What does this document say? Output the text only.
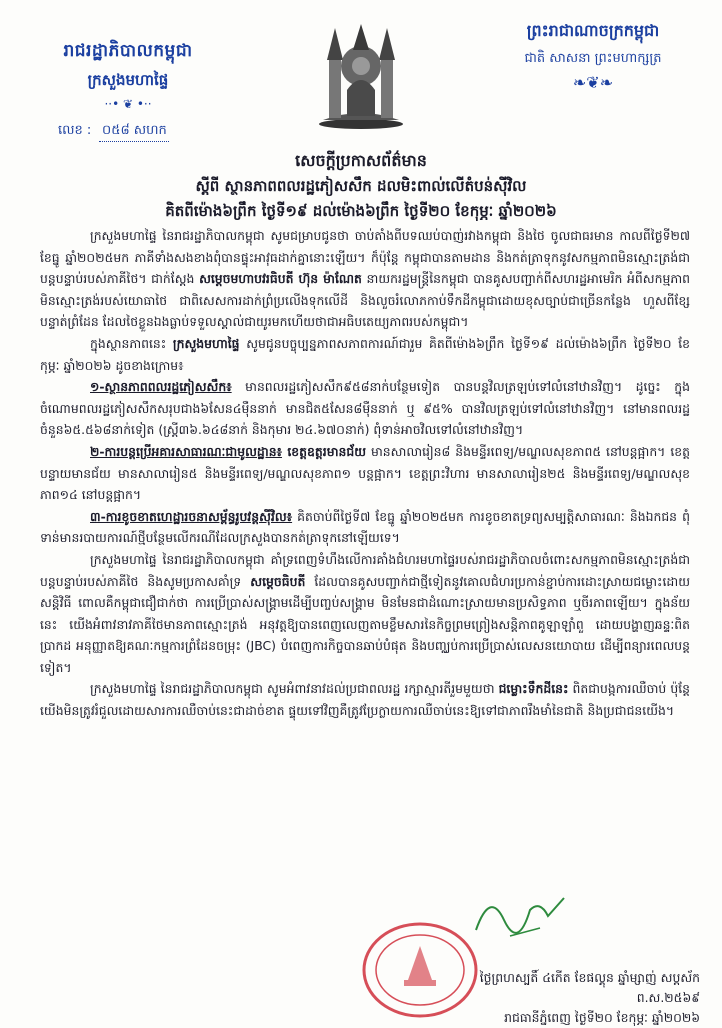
រាជរដ្ឋាភិបាលកម្ពុជា
ក្រសួងមហាផ្ទៃ
··• ❦ •··
លេខ : ០៥៨ សហក
ព្រះរាជាណាចក្រកម្ពុជា
ជាតិ សាសនា ព្រះមហាក្សត្រ
❧❦❧
សេចក្តីប្រកាសព័ត៌មាន
ស្តីពី ស្ថានភាពពលរដ្ឋភៀសសឹក ដលមិះពាល់លើតំបន់ស៊ីវិល
គិតពីម៉ោង៦ព្រឹក ថ្ងៃទី១៩ ដល់ម៉ោង៦ព្រឹក ថ្ងៃទី២០ ខែកុម្ភៈ ឆ្នាំ២០២៦

ក្រសួងមហាផ្ទៃ នៃរាជរដ្ឋាភិបាលកម្ពុជា សូមជម្រាបជូនថា ចាប់តាំងពីបទឈប់បាញ់រវាងកម្ពុជា និងថៃ ចូលជាធរមាន កាលពីថ្ងៃទី២៧ ខែធ្នូ ឆ្នាំ២០២៥មក ភាគីទាំងសងខាងពុំបានផ្ទុះអាវុធដាក់គ្នានោះឡើយ។ ក៏ប៉ុន្តែ កម្ពុជាបានតាមដាន និងកត់ត្រាទុកនូវសកម្មភាពមិនស្មោះត្រង់ជាបន្តបន្ទាប់របស់ភាគីថៃ។ ជាក់ស្តែង សម្តេចមហាបវរធិបតី ហ៊ុន ម៉ាណែត នាយករដ្ឋមន្ត្រីនៃកម្ពុជា បានគូសបញ្ជាក់ពីសហរដ្ឋអាមេរិក អំពីសកម្មភាពមិនស្មោះត្រង់របស់យោធាថៃ ជាពិសេសការដាក់ព្រំប្រលើងទុកលើដី និងលួចរំលោភកាប់ទឹកដីកម្ពុជាដោយខុសច្បាប់ជាច្រើនកន្លែង ហួសពីខ្សែបន្ទាត់ព្រំដែន ដែលថៃខ្លួនឯងធ្លាប់ទទួលស្គាល់ជាយូរមកហើយថាជាអធិបតេយ្យភាពរបស់កម្ពុជា។

ក្នុងស្ថានភាពនេះ ក្រសួងមហាផ្ទៃ សូមជូនបច្ចុប្បន្នភាពសភាពការណ៍ជារួម គិតពីម៉ោង៦ព្រឹក ថ្ងៃទី១៩ ដល់ម៉ោង៦ព្រឹក ថ្ងៃទី២០ ខែកុម្ភៈ ឆ្នាំ២០២៦ ដូចខាងក្រោម៖

១-ស្ថានភាពពលរដ្ឋភៀសសឹក៖ មានពលរដ្ឋភៀសសឹក៩៥៨នាក់បន្ថែមទៀត បានបន្តវិលត្រឡប់ទៅលំនៅឋានវិញ។ ដូច្នេះ ក្នុងចំណោមពលរដ្ឋភៀសសឹកសរុបជាង៦សែន៤ម៉ឺននាក់ មានជិត៥សែន៨ម៉ឺននាក់ ឬ ៩៥% បានវិលត្រឡប់ទៅលំនៅឋានវិញ។ នៅមានពលរដ្ឋចំនួន៦៥.៥៦៨នាក់ទៀត (ស្ត្រី៣៦.៦៤៨នាក់ និងកុមារ ២៤.៦៧០នាក់) ពុំទាន់អាចវិលទៅលំនៅឋានវិញ។

២-ការបន្តប្រើអគារសាធារណៈជាមូលដ្ឋាន៖ ខេត្តឧត្តរមានជ័យ មានសាលារៀន៨ និងមន្ទីរពេទ្យ/មណ្ឌលសុខភាព៥ នៅបន្តផ្អាក។ ខេត្តបន្ទាយមានជ័យ មានសាលារៀន៥ និងមន្ទីរពេទ្យ/មណ្ឌលសុខភាព១ បន្តផ្អាក។ ខេត្តព្រះវិហារ មានសាលារៀន២៥ និងមន្ទីរពេទ្យ/មណ្ឌលសុខភាព១៤ នៅបន្តផ្អាក។

៣-ការខូចខាតហេដ្ឋារចនាសម្ព័ន្ធរូបវន្តស៊ីវិល៖ គិតចាប់ពីថ្ងៃទី៧ ខែធ្នូ ឆ្នាំ២០២៥មក ការខូចខាតទ្រព្យសម្បត្តិសាធារណៈ និងឯកជន ពុំទាន់មានរបាយការណ៍ថ្មីបន្ថែមលើករណីដែលក្រសួងបានកត់ត្រាទុកនៅឡើយទេ។

ក្រសួងមហាផ្ទៃ នៃរាជរដ្ឋាភិបាលកម្ពុជា គាំទ្រពេញទំហឹងលើការគាំងជំហរមហាផ្ទៃរបស់រាជរដ្ឋាភិបាលចំពោះសកម្មភាពមិនស្មោះត្រង់ជាបន្តបន្ទាប់របស់ភាគីថៃ និងសូមប្រកាសគាំទ្រ សម្តេចធិបតី ដែលបានគូសបញ្ជាក់ជាថ្មីទៀតនូវគោលជំហរប្រកាន់ខ្ជាប់ការដោះស្រាយជម្លោះដោយសន្តិវិធី ពោលគឺកម្ពុជាជឿជាក់ថា ការប្រើប្រាស់សង្គ្រាមដើម្បីបញ្ចប់សង្គ្រាម មិនមែនជាដំណោះស្រាយមានប្រសិទ្ធភាព ឬចីរភាពឡើយ។ ក្នុងន័យនេះ យើងអំពាវនាវភាគីថៃមានភាពស្មោះត្រង់ អនុវត្តឱ្យបានពេញលេញតាមខ្លឹមសារនៃកិច្ចព្រមព្រៀងសន្តិភាពគូឡាឡាំពួ ដោយបង្ហាញឆន្ទៈពិតប្រាកដ អនុញ្ញាតឱ្យគណៈកម្មការព្រំដែនចម្រុះ (JBC) បំពេញការកិច្ចបានឆាប់បំផុត និងបញ្ឈប់ការប្រើប្រាស់លេសនយោបាយ ដើម្បីពន្យារពេលបន្តទៀត។

ក្រសួងមហាផ្ទៃ នៃរាជរដ្ឋាភិបាលកម្ពុជា សូមអំពាវនាវដល់ប្រជាពលរដ្ឋ រក្សាស្មារតីរួមមួយថា ជម្លោះទឹកដីនេះ ពិតជាបង្កការឈឺចាប់ ប៉ុន្តែយើងមិនត្រូវរំជួលដោយសារការឈឺចាប់នេះជាដាច់ខាត ផ្ទុយទៅវិញគឺត្រូវប្រែក្លាយការឈឺចាប់នេះឱ្យទៅជាភាពរឹងមាំនៃជាតិ និងប្រជាជនយើង។

ថ្ងៃព្រហស្បតិ៍ ៤កើត ខែផល្គុន ឆ្នាំម្សាញ់ សប្តស័ក ព.ស.២៥៦៩
រាជធានីភ្នំពេញ ថ្ងៃទី២០ ខែកុម្ភៈ ឆ្នាំ២០២៦
